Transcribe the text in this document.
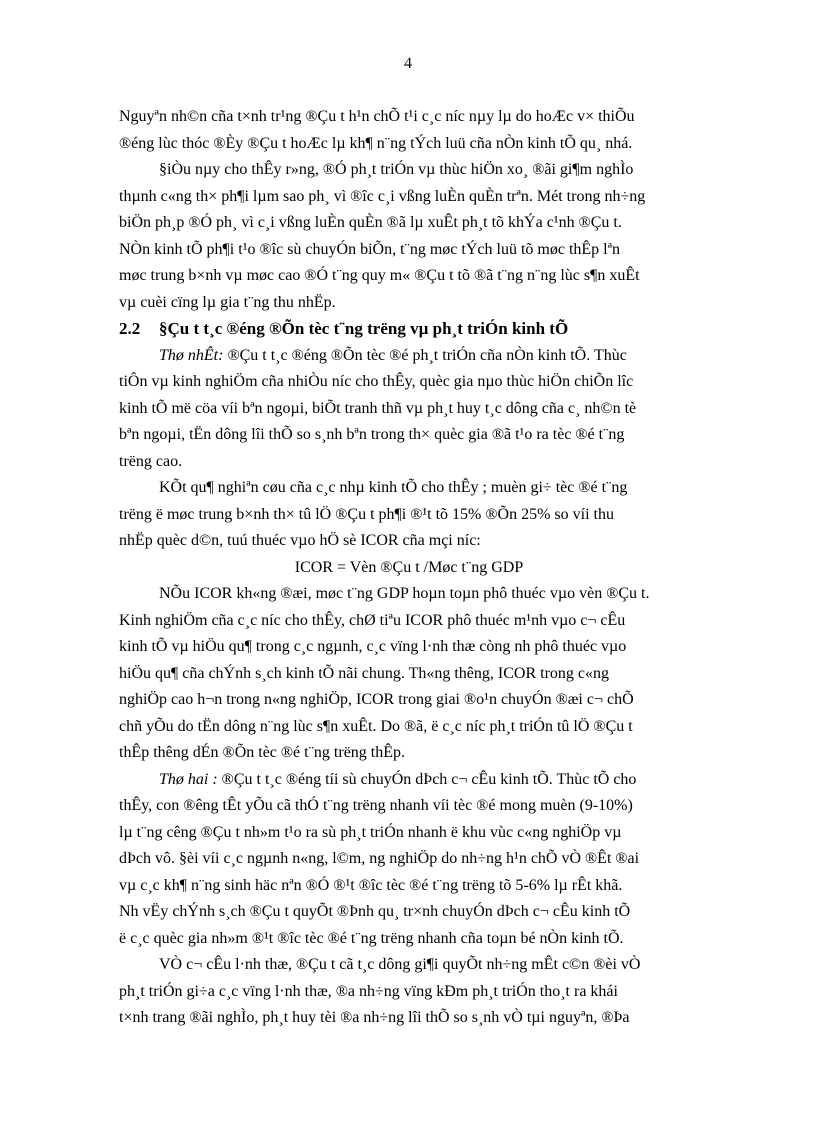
4
Nguyªn nh©n cña t×nh tr¹ng ®Çu t h¹n chÕ t¹i c¸c níc nµy lµ do hoÆc v× thiÕu
®éng lùc thóc ®Èy ®Çu t hoÆc lµ kh¶ n¨ng tÝch luü cña nÒn kinh tÕ qu¸ nhá.
§iÒu nµy cho thÊy r»ng, ®Ó ph¸t triÓn vµ thùc hiÖn xo¸ ®ãi gi¶m nghÌo
thµnh c«ng th× ph¶i lµm sao ph¸ vì ®îc c¸i vßng luÈn quÈn trªn. Mét trong nh÷ng
biÖn ph¸p ®Ó ph¸ vì c¸i vßng luÈn quÈn ®ã lµ xuÊt ph¸t tõ khÝa c¹nh ®Çu t.
NÒn kinh tÕ ph¶i t¹o ®îc sù chuyÓn biÕn, t¨ng møc tÝch luü tõ møc thÊp lªn
møc trung b×nh vµ møc cao ®Ó t¨ng quy m« ®Çu t tõ ®ã t¨ng n¨ng lùc s¶n xuÊt
vµ cuèi cïng lµ gia t¨ng thu nhËp.
2.2 §Çu t t¸c ®éng ®Õn tèc t¨ng trëng vµ ph¸t triÓn kinh tÕ
Thø nhÊt: ®Çu t t¸c ®éng ®Õn tèc ®é ph¸t triÓn cña nÒn kinh tÕ. Thùc
tiÔn vµ kinh nghiÖm cña nhiÒu níc cho thÊy, quèc gia nµo thùc hiÖn chiÕn lîc
kinh tÕ më cöa víi bªn ngoµi, biÕt tranh thñ vµ ph¸t huy t¸c dông cña c¸ nh©n tè
bªn ngoµi, tËn dông lîi thÕ so s¸nh bªn trong th× quèc gia ®ã t¹o ra tèc ®é t¨ng
trëng cao.
KÕt qu¶ nghiªn cøu cña c¸c nhµ kinh tÕ cho thÊy ; muèn gi÷ tèc ®é t¨ng
trëng ë møc trung b×nh th× tû lÖ ®Çu t ph¶i ®¹t tõ 15% ®Õn 25% so víi thu
nhËp quèc d©n, tuú thuéc vµo hÖ sè ICOR cña mçi níc:
ICOR = Vèn ®Çu t /Møc t¨ng GDP
NÕu ICOR kh«ng ®æi, møc t¨ng GDP hoµn toµn phô thuéc vµo vèn ®Çu t.
Kinh nghiÖm cña c¸c níc cho thÊy, chØ tiªu ICOR phô thuéc m¹nh vµo c¬ cÊu
kinh tÕ vµ hiÖu qu¶ trong c¸c ngµnh, c¸c vïng l·nh thæ còng nh phô thuéc vµo
hiÖu qu¶ cña chÝnh s¸ch kinh tÕ nãi chung. Th«ng thêng, ICOR trong c«ng
nghiÖp cao h¬n trong n«ng nghiÖp, ICOR trong giai ®o¹n chuyÓn ®æi c¬ chÕ
chñ yÕu do tËn dông n¨ng lùc s¶n xuÊt. Do ®ã, ë c¸c níc ph¸t triÓn tû lÖ ®Çu t
thÊp thêng dÉn ®Õn tèc ®é t¨ng trëng thÊp.
Thø hai : ®Çu t t¸c ®éng tíi sù chuyÓn dÞch c¬ cÊu kinh tÕ. Thùc tÕ cho
thÊy, con ®êng tÊt yÕu cã thÓ t¨ng trëng nhanh víi tèc ®é mong muèn (9-10%)
lµ t¨ng cêng ®Çu t nh»m t¹o ra sù ph¸t triÓn nhanh ë khu vùc c«ng nghiÖp vµ
dÞch vô. §èi víi c¸c ngµnh n«ng, l©m, ng nghiÖp do nh÷ng h¹n chÕ vÒ ®Êt ®ai
vµ c¸c kh¶ n¨ng sinh häc nªn ®Ó ®¹t ®îc tèc ®é t¨ng trëng tõ 5-6% lµ rÊt khã.
Nh vËy chÝnh s¸ch ®Çu t quyÕt ®Þnh qu¸ tr×nh chuyÓn dÞch c¬ cÊu kinh tÕ
ë c¸c quèc gia nh»m ®¹t ®îc tèc ®é t¨ng trëng nhanh cña toµn bé nÒn kinh tÕ.
VÒ c¬ cÊu l·nh thæ, ®Çu t cã t¸c dông gi¶i quyÕt nh÷ng mÊt c©n ®èi vÒ
ph¸t triÓn gi÷a c¸c vïng l·nh thæ, ®a nh÷ng vïng kÐm ph¸t triÓn tho¸t ra khái
t×nh trang ®ãi nghÌo, ph¸t huy tèi ®a nh÷ng lîi thÕ so s¸nh vÒ tµi nguyªn, ®Þa
